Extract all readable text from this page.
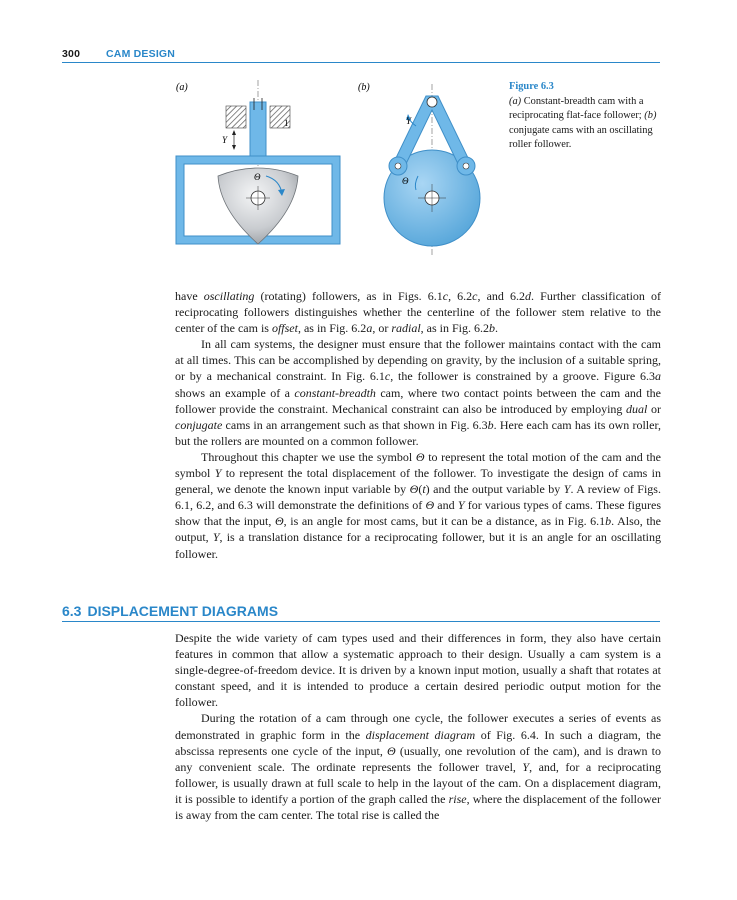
300 CAM DESIGN
(a)	(b)
Y
Θ
1	Y
Θ
Figure 6.3
(a) Constant-breadth cam with a reciprocating flat-face follower; (b) conjugate cams with an oscillating roller follower.

have oscillating (rotating) followers, as in Figs. 6.1c, 6.2c, and 6.2d. Further classification of reciprocating followers distinguishes whether the centerline of the follower stem relative to the center of the cam is offset, as in Fig. 6.2a, or radial, as in Fig. 6.2b.

In all cam systems, the designer must ensure that the follower maintains contact with the cam at all times. This can be accomplished by depending on gravity, by the inclusion of a suitable spring, or by a mechanical constraint. In Fig. 6.1c, the follower is constrained by a groove. Figure 6.3a shows an example of a constant-breadth cam, where two contact points between the cam and the follower provide the constraint. Mechanical constraint can also be introduced by employing dual or conjugate cams in an arrangement such as that shown in Fig. 6.3b. Here each cam has its own roller, but the rollers are mounted on a common follower.

Throughout this chapter we use the symbol Θ to represent the total motion of the cam and the symbol Y to represent the total displacement of the follower. To investigate the design of cams in general, we denote the known input variable by Θ(t) and the output variable by Y. A review of Figs. 6.1, 6.2, and 6.3 will demonstrate the definitions of Θ and Y for various types of cams. These figures show that the input, Θ, is an angle for most cams, but it can be a distance, as in Fig. 6.1b. Also, the output, Y, is a translation distance for a reciprocating follower, but it is an angle for an oscillating follower.

6.3 DISPLACEMENT DIAGRAMS

Despite the wide variety of cam types used and their differences in form, they also have certain features in common that allow a systematic approach to their design. Usually a cam system is a single-degree-of-freedom device. It is driven by a known input motion, usually a shaft that rotates at constant speed, and it is intended to produce a certain desired periodic output motion for the follower.

During the rotation of a cam through one cycle, the follower executes a series of events as demonstrated in graphic form in the displacement diagram of Fig. 6.4. In such a diagram, the abscissa represents one cycle of the input, Θ (usually, one revolution of the cam), and is drawn to any convenient scale. The ordinate represents the follower travel, Y, and, for a reciprocating follower, is usually drawn at full scale to help in the layout of the cam. On a displacement diagram, it is possible to identify a portion of the graph called the rise, where the displacement of the follower is away from the cam center. The total rise is called the
